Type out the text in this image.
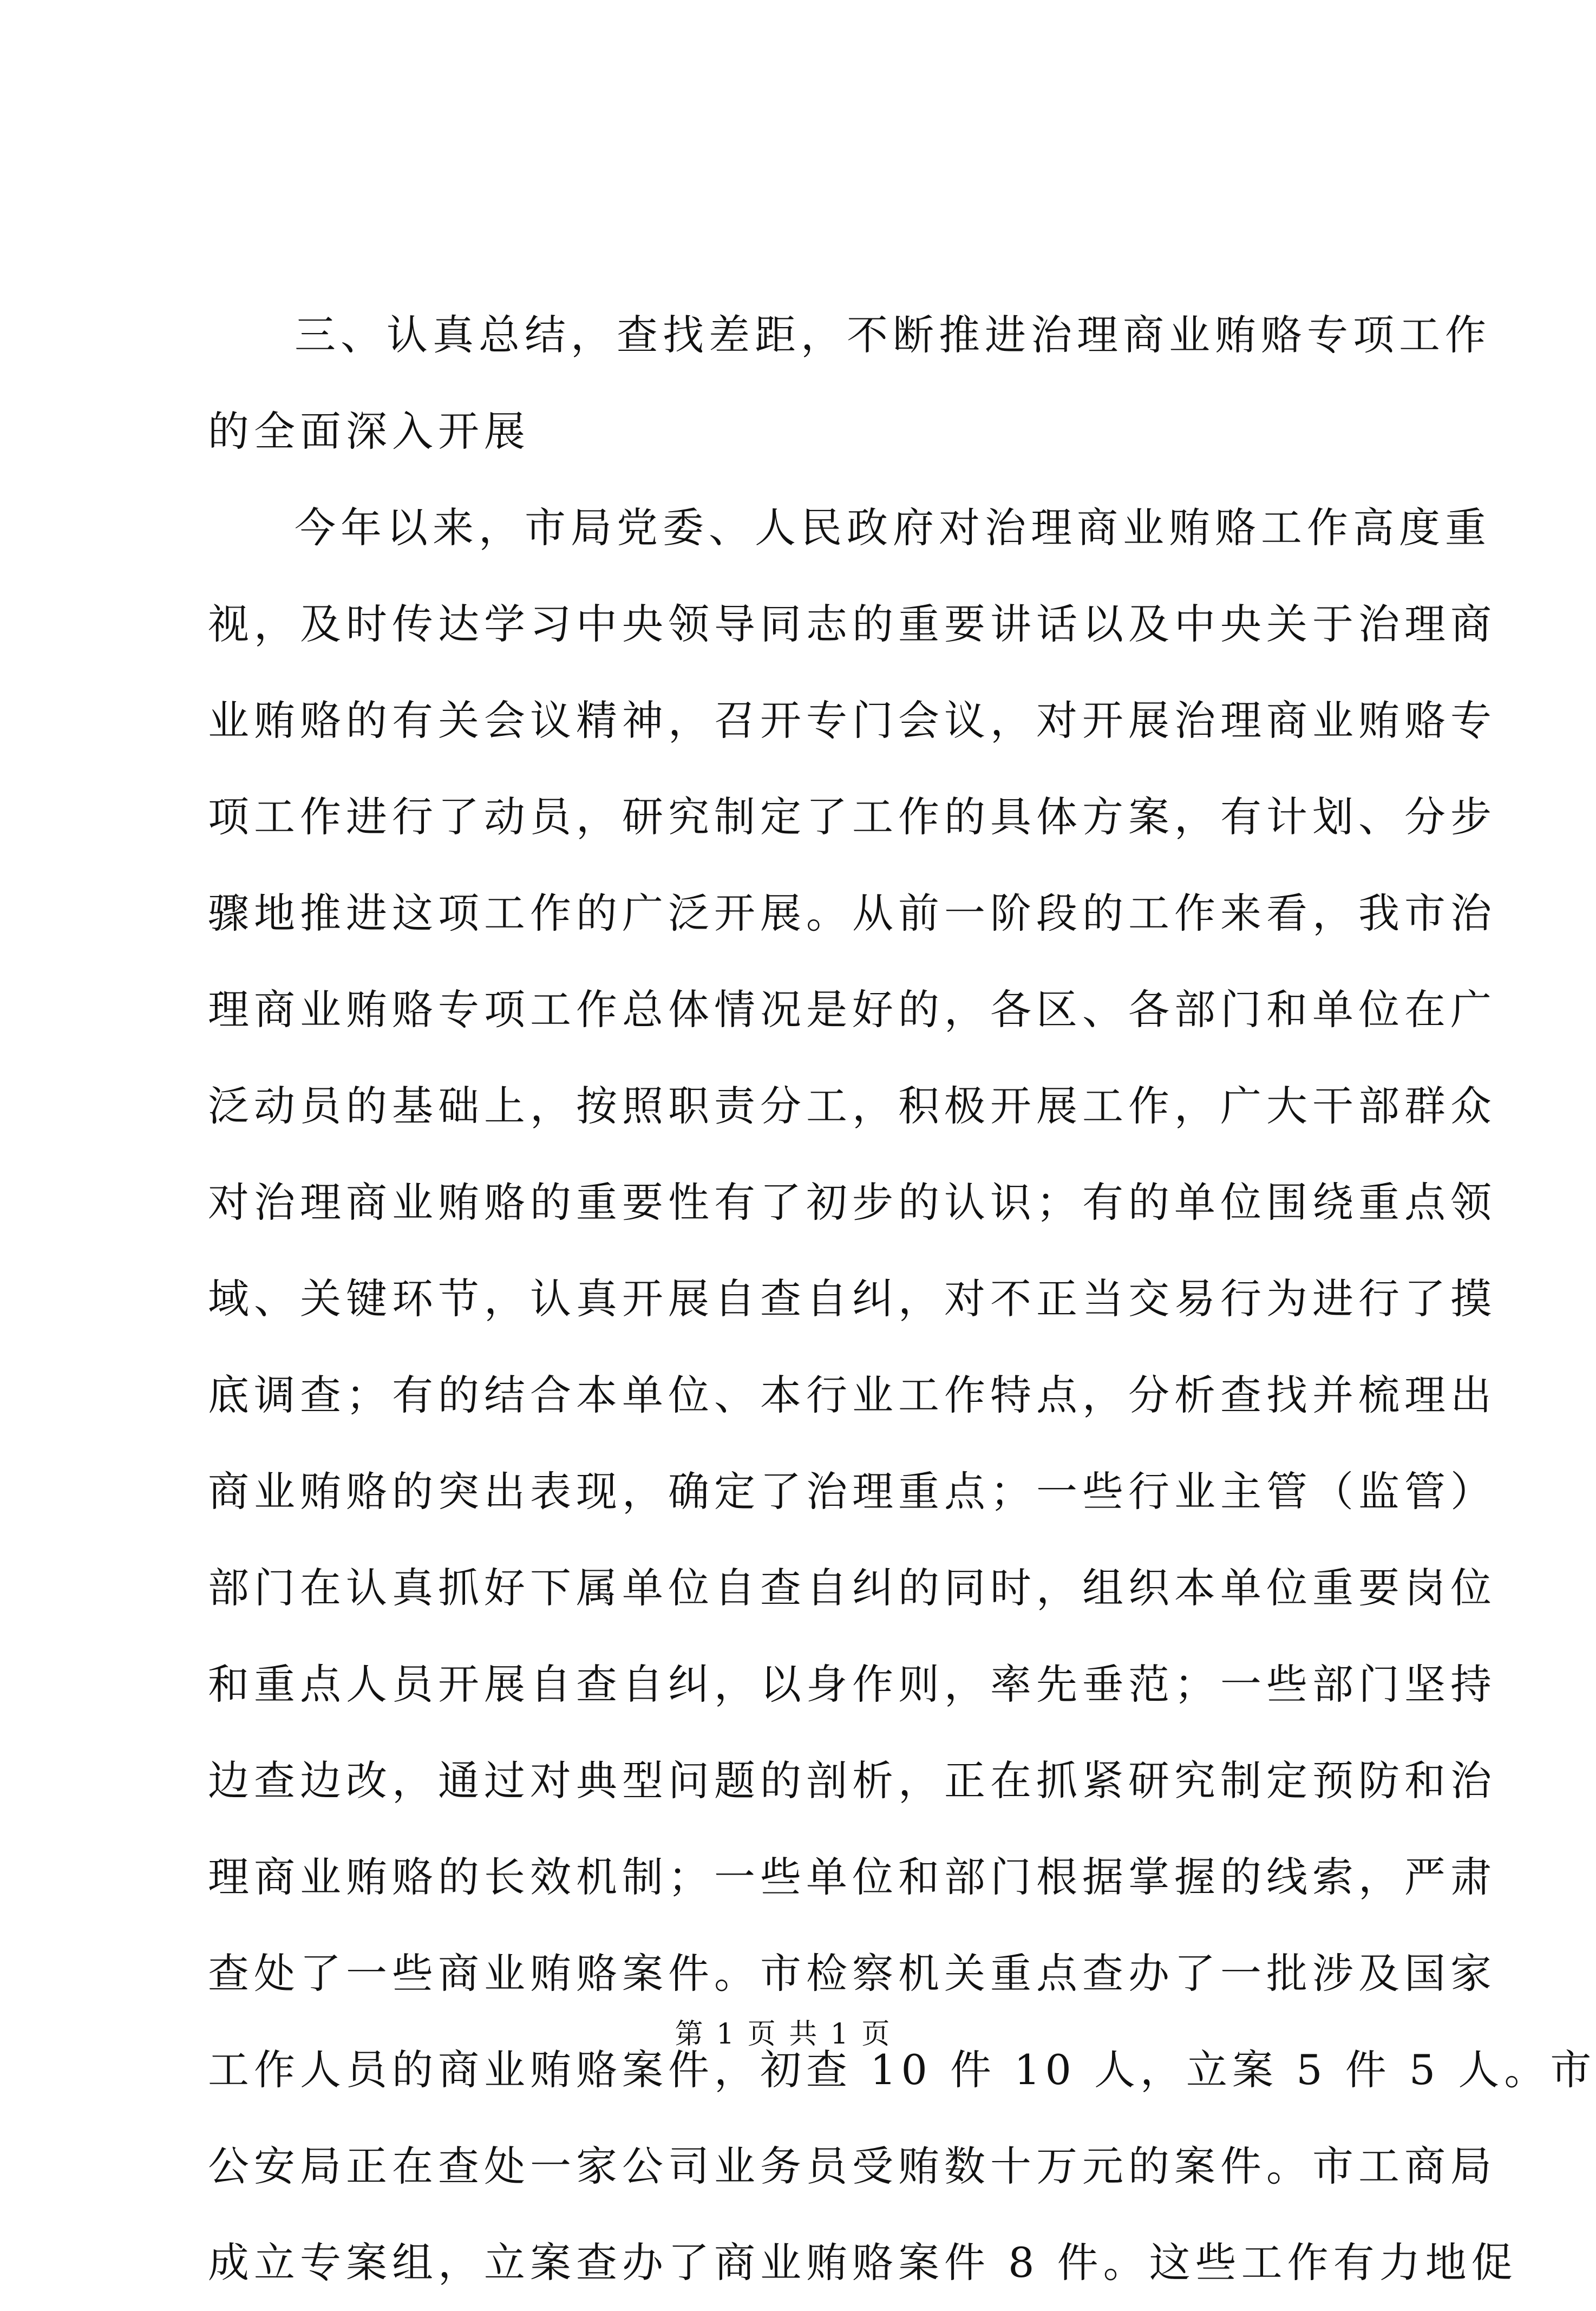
三、认真总结，查找差距，不断推进治理商业贿赂专项工作
的全面深入开展
今年以来，市局党委、人民政府对治理商业贿赂工作高度重
视，及时传达学习中央领导同志的重要讲话以及中央关于治理商
业贿赂的有关会议精神，召开专门会议，对开展治理商业贿赂专
项工作进行了动员，研究制定了工作的具体方案，有计划、分步
骤地推进这项工作的广泛开展。从前一阶段的工作来看，我市治
理商业贿赂专项工作总体情况是好的，各区、各部门和单位在广
泛动员的基础上，按照职责分工，积极开展工作，广大干部群众
对治理商业贿赂的重要性有了初步的认识；有的单位围绕重点领
域、关键环节，认真开展自查自纠，对不正当交易行为进行了摸
底调查；有的结合本单位、本行业工作特点，分析查找并梳理出
商业贿赂的突出表现，确定了治理重点；一些行业主管（监管）
部门在认真抓好下属单位自查自纠的同时，组织本单位重要岗位
和重点人员开展自查自纠，以身作则，率先垂范；一些部门坚持
边查边改，通过对典型问题的剖析，正在抓紧研究制定预防和治
理商业贿赂的长效机制；一些单位和部门根据掌握的线索，严肃
查处了一些商业贿赂案件。市检察机关重点查办了一批涉及国家
工作人员的商业贿赂案件，初查 10 件 10 人，立案 5 件 5 人。市
公安局正在查处一家公司业务员受贿数十万元的案件。市工商局
成立专案组，立案查办了商业贿赂案件 8 件。这些工作有力地促
第 1 页 共 1 页
